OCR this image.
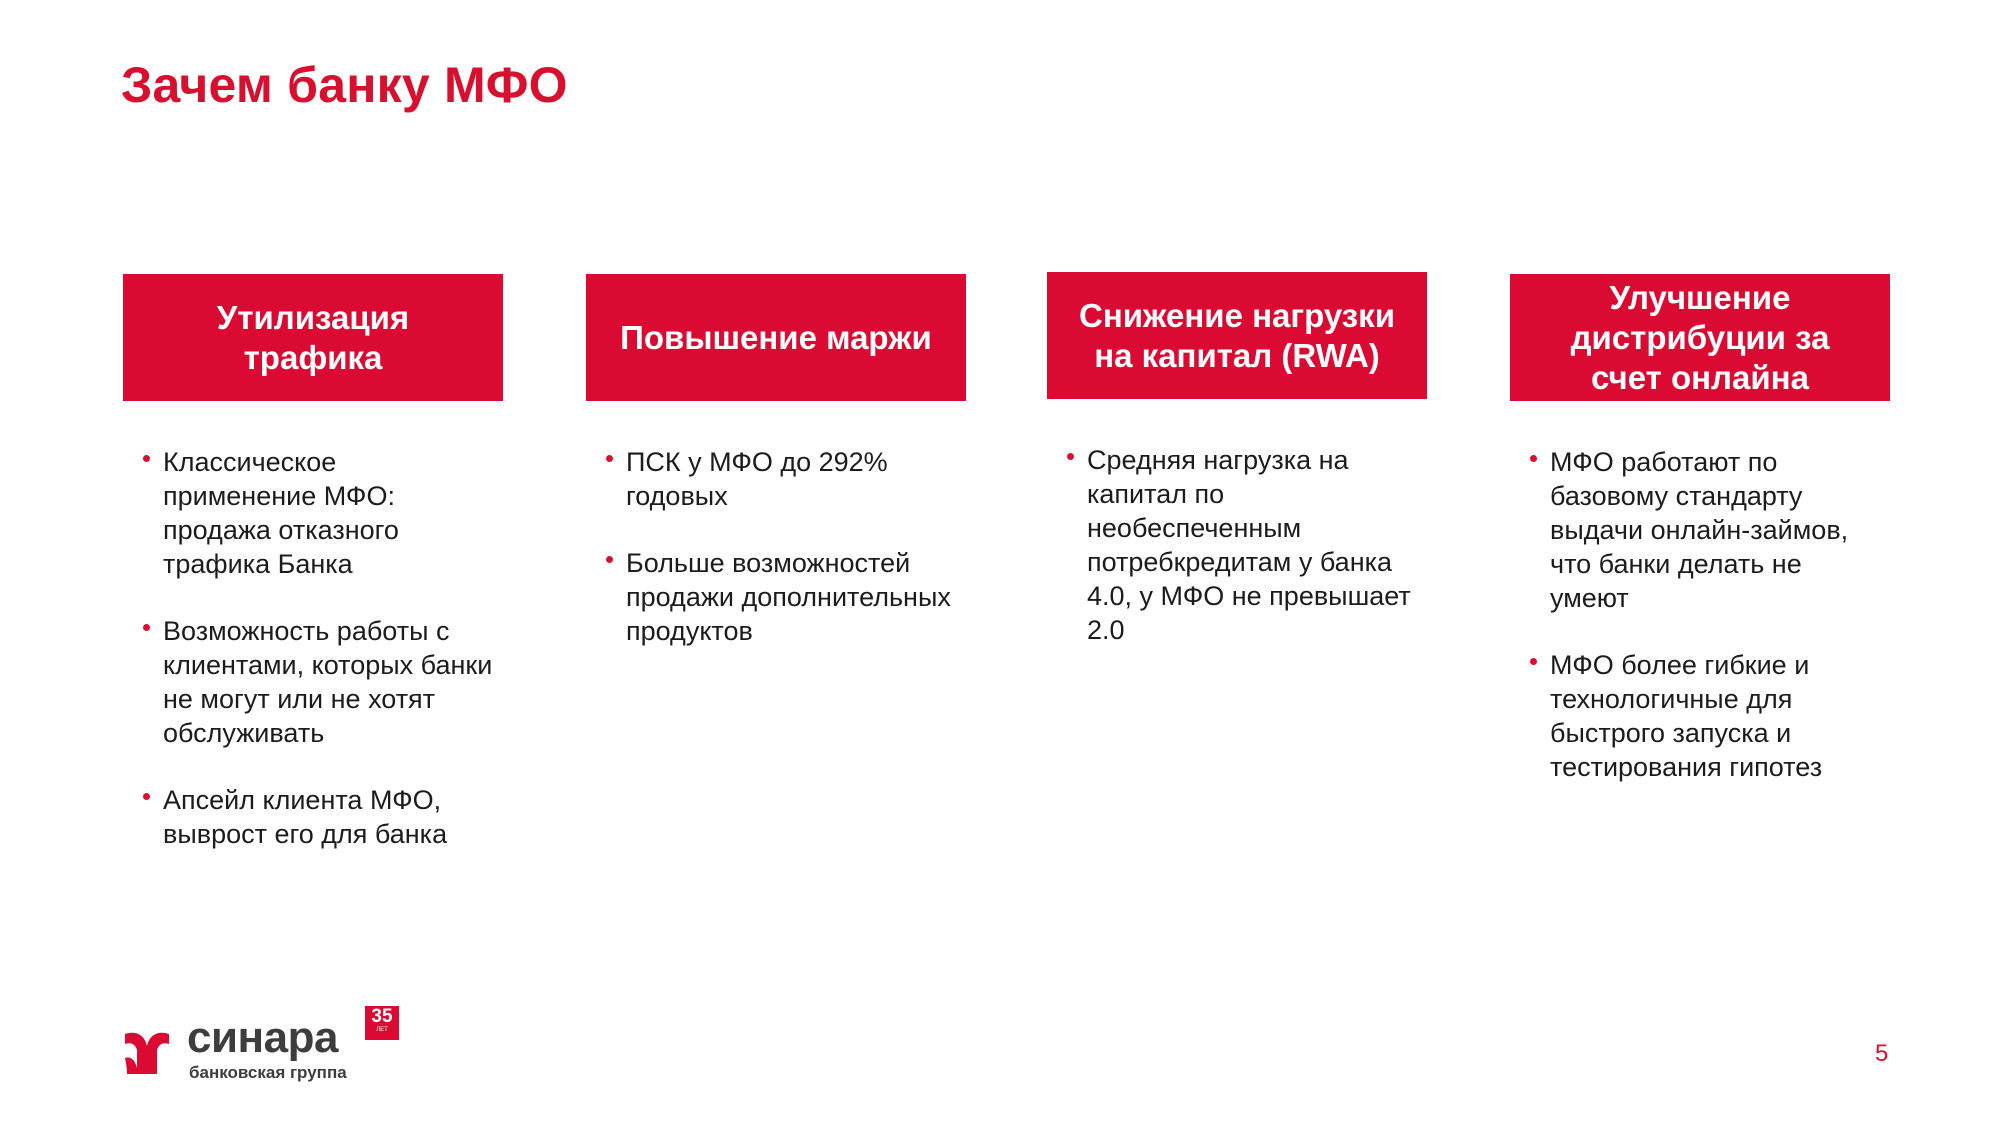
Зачем банку МФО
Утилизация
трафика
Классическое применение МФО: продажа отказного трафика Банка
Возможность работы с клиентами, которых банки не могут или не хотят обслуживать
Апсейл клиента МФО, выврост его для банка
Повышение маржи
ПСК у МФО до 292% годовых
Больше возможностей продажи дополнительных продуктов
Снижение нагрузки
на капитал (RWA)
Средняя нагрузка на капитал по необеспеченным потребкредитам у банка 4.0, у МФО не превышает 2.0
Улучшение
дистрибуции за
счет онлайна
МФО работают по базовому стандарту выдачи онлайн-займов, что банки делать не умеют
МФО более гибкие и технологичные для быстрого запуска и тестирования гипотез
синара
банковская группа
35
ЛЕТ
5
